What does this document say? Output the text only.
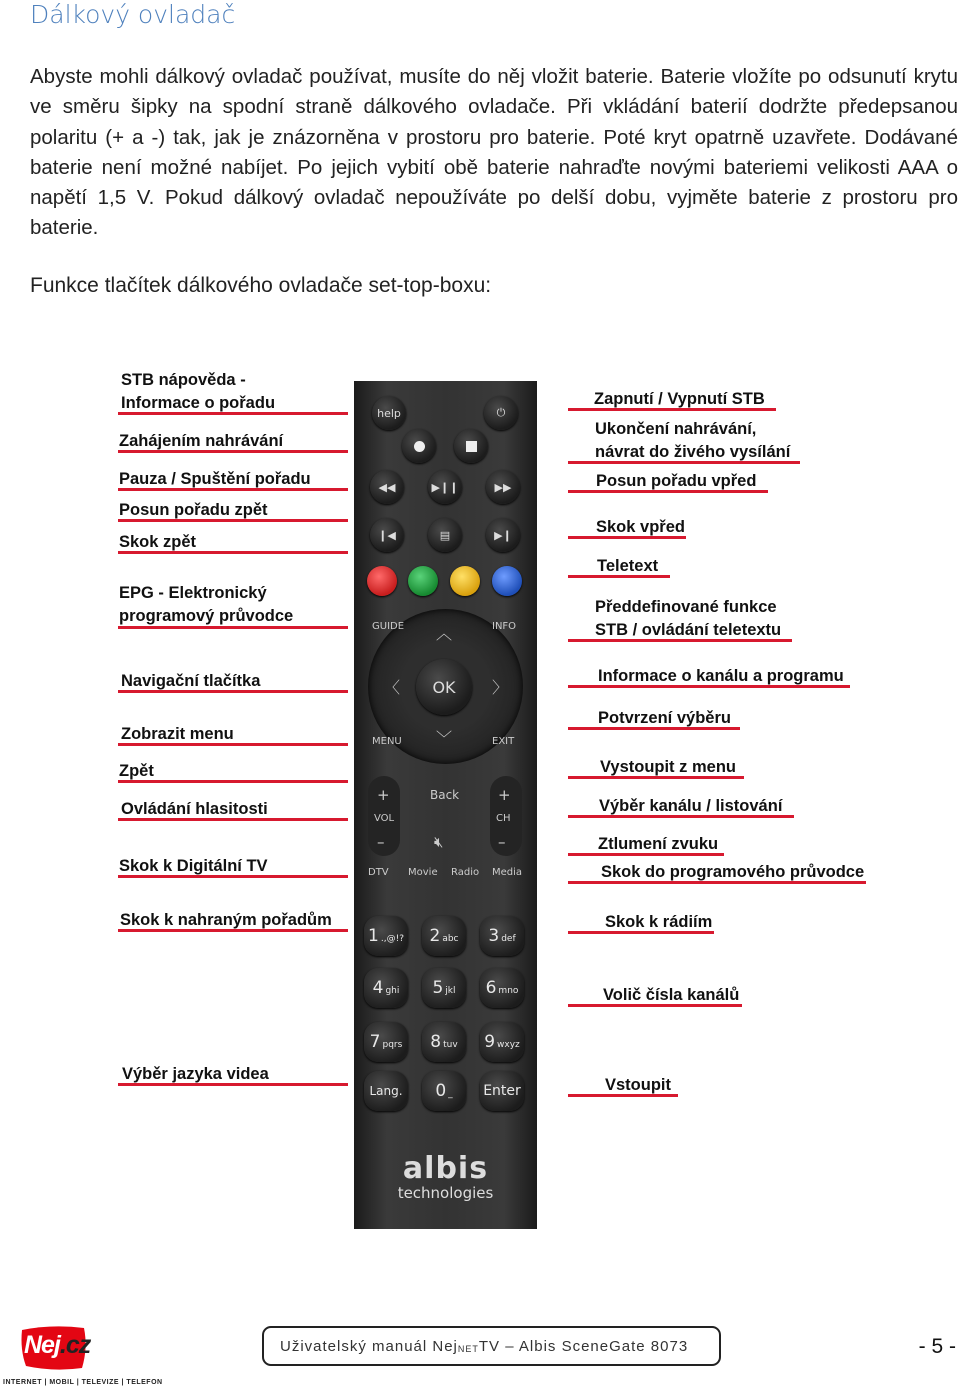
Dálkový ovladač
Abyste mohli dálkový ovladač používat, musíte do něj vložit baterie. Baterie vložíte po odsunutí krytu ve směru šipky na spodní straně dálkového ovladače. Při vkládání baterií dodržte předepsanou polaritu (+ a -) tak, jak je znázorněna v prostoru pro baterie. Poté kryt opatrně uzavřete. Dodávané baterie není možné nabíjet. Po jejich vybití obě baterie nahraďte novými bateriemi velikosti AAA o napětí 1,5 V. Pokud dálkový ovladač nepoužíváte po delší dobu, vyjměte baterie z prostoru pro baterie.
Funkce tlačítek dálkového ovladače set-top-boxu:
help	⏻
◀◀	▶❙❙	▶▶
❙◀	▤	▶❙
GUIDE	INFO
︿
〈	〉
OK
MENU	EXIT
﹀
+
VOL
–
+
CH
–
Back
🔇︎
DTV Movie Radio Media
1 .,@!? 2 abc 3 def
4 ghi 5 jkl 6 mno
7 pqrs 8 tuv 9 wxyz
Lang. 0 _ Enter
albis
technologies
STB nápověda -
Informace o pořadu
Zahájením nahrávání
Pauza / Spuštění pořadu
Posun pořadu zpět
Skok zpět
EPG - Elektronický
programový průvodce
Navigační tlačítka
Zobrazit menu
Zpět
Ovládání hlasitosti
Skok k Digitální TV
Skok k nahraným pořadům
Výběr jazyka videa
Zapnutí / Vypnutí STB
Ukončení nahrávání,
návrat do živého vysílání
Posun pořadu vpřed
Skok vpřed
Teletext
Předdefinované funkce
STB / ovládání teletextu
Informace o kanálu a programu
Potvrzení výběru
Vystoupit z menu
Výběr kanálu / listování
Ztlumení zvuku
Skok do programového průvodce
Skok k rádiím
Volič čísla kanálů
Vstoupit
Nej.cz
INTERNET | MOBIL | TELEVIZE | TELEFON
Uživatelský manuál Nej NET TV – Albis SceneGate 8073	- 5 -
